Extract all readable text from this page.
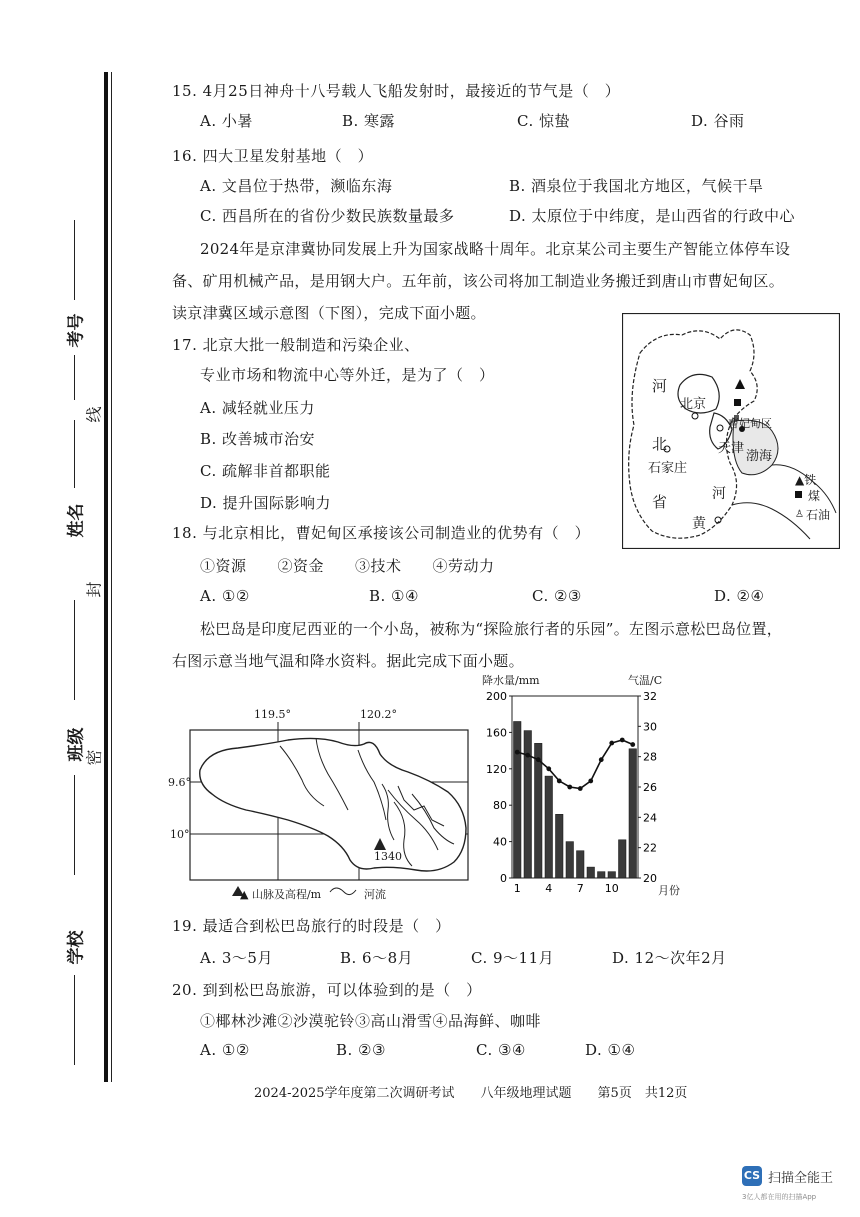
考号
线
姓名
封
班级
密
学校
15. 4月25日神舟十八号载人飞船发射时，最接近的节气是（　）
A. 小暑	B. 寒露	C. 惊蛰	D. 谷雨
16. 四大卫星发射基地（　）
A. 文昌位于热带，濒临东海	B. 酒泉位于我国北方地区，气候干旱
C. 西昌所在的省份少数民族数量最多	D. 太原位于中纬度，是山西省的行政中心
2024年是京津冀协同发展上升为国家战略十周年。北京某公司主要生产智能立体停车设
备、矿用机械产品，是用钢大户。五年前，该公司将加工制造业务搬迁到唐山市曹妃甸区。
读京津冀区域示意图（下图），完成下面小题。
17. 北京大批一般制造和污染企业、
专业市场和物流中心等外迁，是为了（　）
A. 减轻就业压力
B. 改善城市治安
C. 疏解非首都职能
D. 提升国际影响力
河
北京
曹妃甸区
北	天津
渤海
石家庄
省	河
黄
▲铁
煤
♙ 石油
18. 与北京相比，曹妃甸区承接该公司制造业的优势有（　）
①资源　　②资金　　③技术　　④劳动力
A. ①②	B. ①④	C. ②③	D. ②④
松巴岛是印度尼西亚的一个小岛，被称为“探险旅行者的乐园”。左图示意松巴岛位置，
右图示意当地气温和降水资料。据此完成下面小题。
119.5°	120.2°
9.6°
10°
1340
▲ 山脉及高程/m	河流
200
160
120
80
40
0
32
30
28
26
24
22
20
1 4 7 10
降水量/mm	气温/C
月份
19. 最适合到松巴岛旅行的时段是（　）
A. 3～5月	B. 6～8月	C. 9～11月	D. 12～次年2月
20. 到到松巴岛旅游，可以体验到的是（　）
①椰林沙滩②沙漠驼铃③高山滑雪④品海鲜、咖啡
A. ①②	B. ②③	C. ③④	D. ①④
2024-2025学年度第二次调研考试　　八年级地理试题　　第5页　共12页
CS 扫描全能王
3亿人都在用的扫描App
